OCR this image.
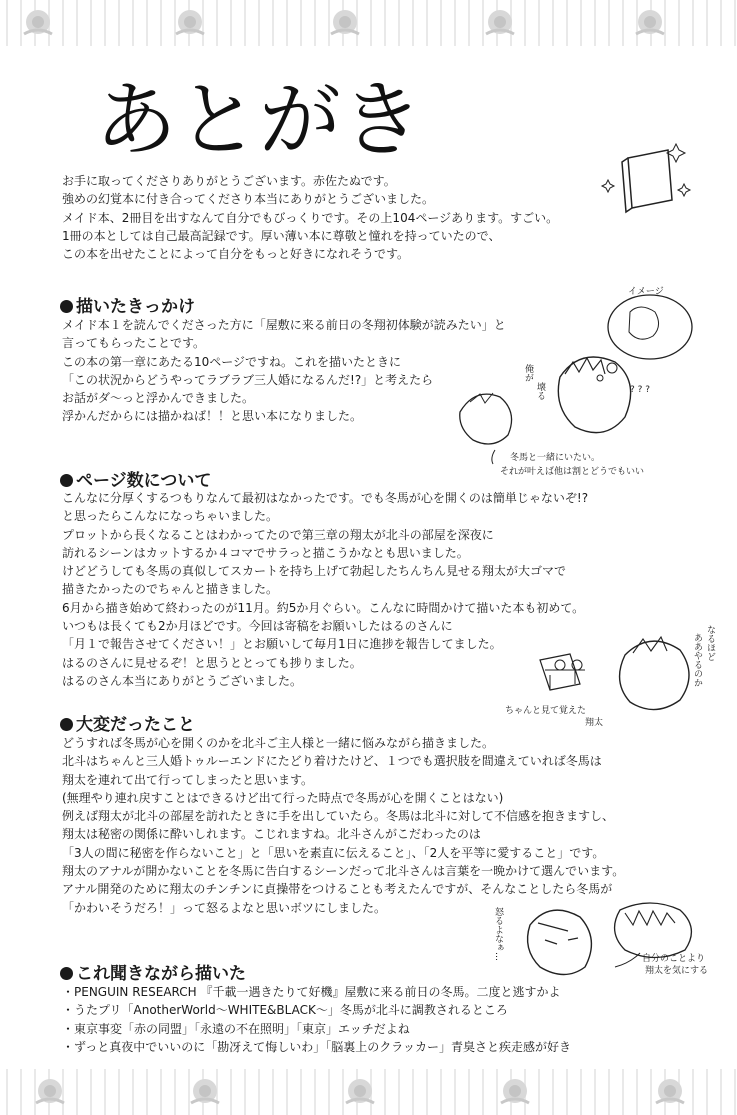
あとがき
お手に取ってくださりありがとうございます。赤佐たぬです。
強めの幻覚本に付き合ってくださり本当にありがとうございました。
メイド本、2冊目を出すなんて自分でもびっくりです。その上104ページあります。すごい。
1冊の本としては自己最高記録です。厚い薄い本に尊敬と憧れを持っていたので、
この本を出せたことによって自分をもっと好きになれそうです。
描いたきっかけ
メイド本１を読んでくださった方に「屋敷に来る前日の冬翔初体験が読みたい」と
言ってもらったことです。
この本の第一章にあたる10ページですね。これを描いたときに
「この状況からどうやってラブラブ三人婚になるんだ!?」と考えたら
お話がダ〜っと浮かんできました。
浮かんだからには描かねば！！と思い本になりました。
イメージ
俺が
壊る	? ? ?
冬馬と一緒にいたい。
それが叶えば他は割とどうでもいい
ページ数について
こんなに分厚くするつもりなんて最初はなかったです。でも冬馬が心を開くのは簡単じゃないぞ!?
と思ったらこんなになっちゃいました。
プロットから長くなることはわかってたので第三章の翔太が北斗の部屋を深夜に
訪れるシーンはカットするか４コマでサラっと描こうかなとも思いました。
けどどうしても冬馬の真似してスカートを持ち上げて勃起したちんちん見せる翔太が大ゴマで
描きたかったのでちゃんと描きました。
6月から描き始めて終わったのが11月。約5か月ぐらい。こんなに時間かけて描いた本も初めて。
いつもは長くても2か月ほどです。今回は寄稿をお願いしたはるのさんに
「月１で報告させてください！」とお願いして毎月1日に進捗を報告してました。
はるのさんに見せるぞ！と思うととっても捗りました。
はるのさん本当にありがとうございました。
なるほど
ああやるのか
ちゃんと見て覚えた
翔太
大変だったこと
どうすれば冬馬が心を開くのかを北斗ご主人様と一緒に悩みながら描きました。
北斗はちゃんと三人婚トゥルーエンドにたどり着けたけど、１つでも選択肢を間違えていれば冬馬は
翔太を連れて出て行ってしまったと思います。
(無理やり連れ戻すことはできるけど出て行った時点で冬馬が心を開くことはない)
例えば翔太が北斗の部屋を訪れたときに手を出していたら。冬馬は北斗に対して不信感を抱きますし、
翔太は秘密の関係に酔いしれます。こじれますね。北斗さんがこだわったのは
「3人の間に秘密を作らないこと」と「思いを素直に伝えること」、「2人を平等に愛すること」です。
翔太のアナルが開かないことを冬馬に告白するシーンだって北斗さんは言葉を一晩かけて選んでいます。
アナル開発のために翔太のチンチンに貞操帯をつけることも考えたんですが、そんなことしたら冬馬が
「かわいそうだろ！」って怒るよなと思いボツにしました。	怒るよなぁ…	自分のことより
翔太を気にする
これ聞きながら描いた
・PENGUIN RESEARCH 『千載一遇きたりて好機』屋敷に来る前日の冬馬。二度と逃すかよ
・うたプリ「AnotherWorld〜WHITE&BLACK〜」冬馬が北斗に調教されるところ
・東京事変「赤の同盟」「永遠の不在照明」「東京」エッチだよね
・ずっと真夜中でいいのに「勘冴えて悔しいわ」「脳裏上のクラッカー」青臭さと疾走感が好き
